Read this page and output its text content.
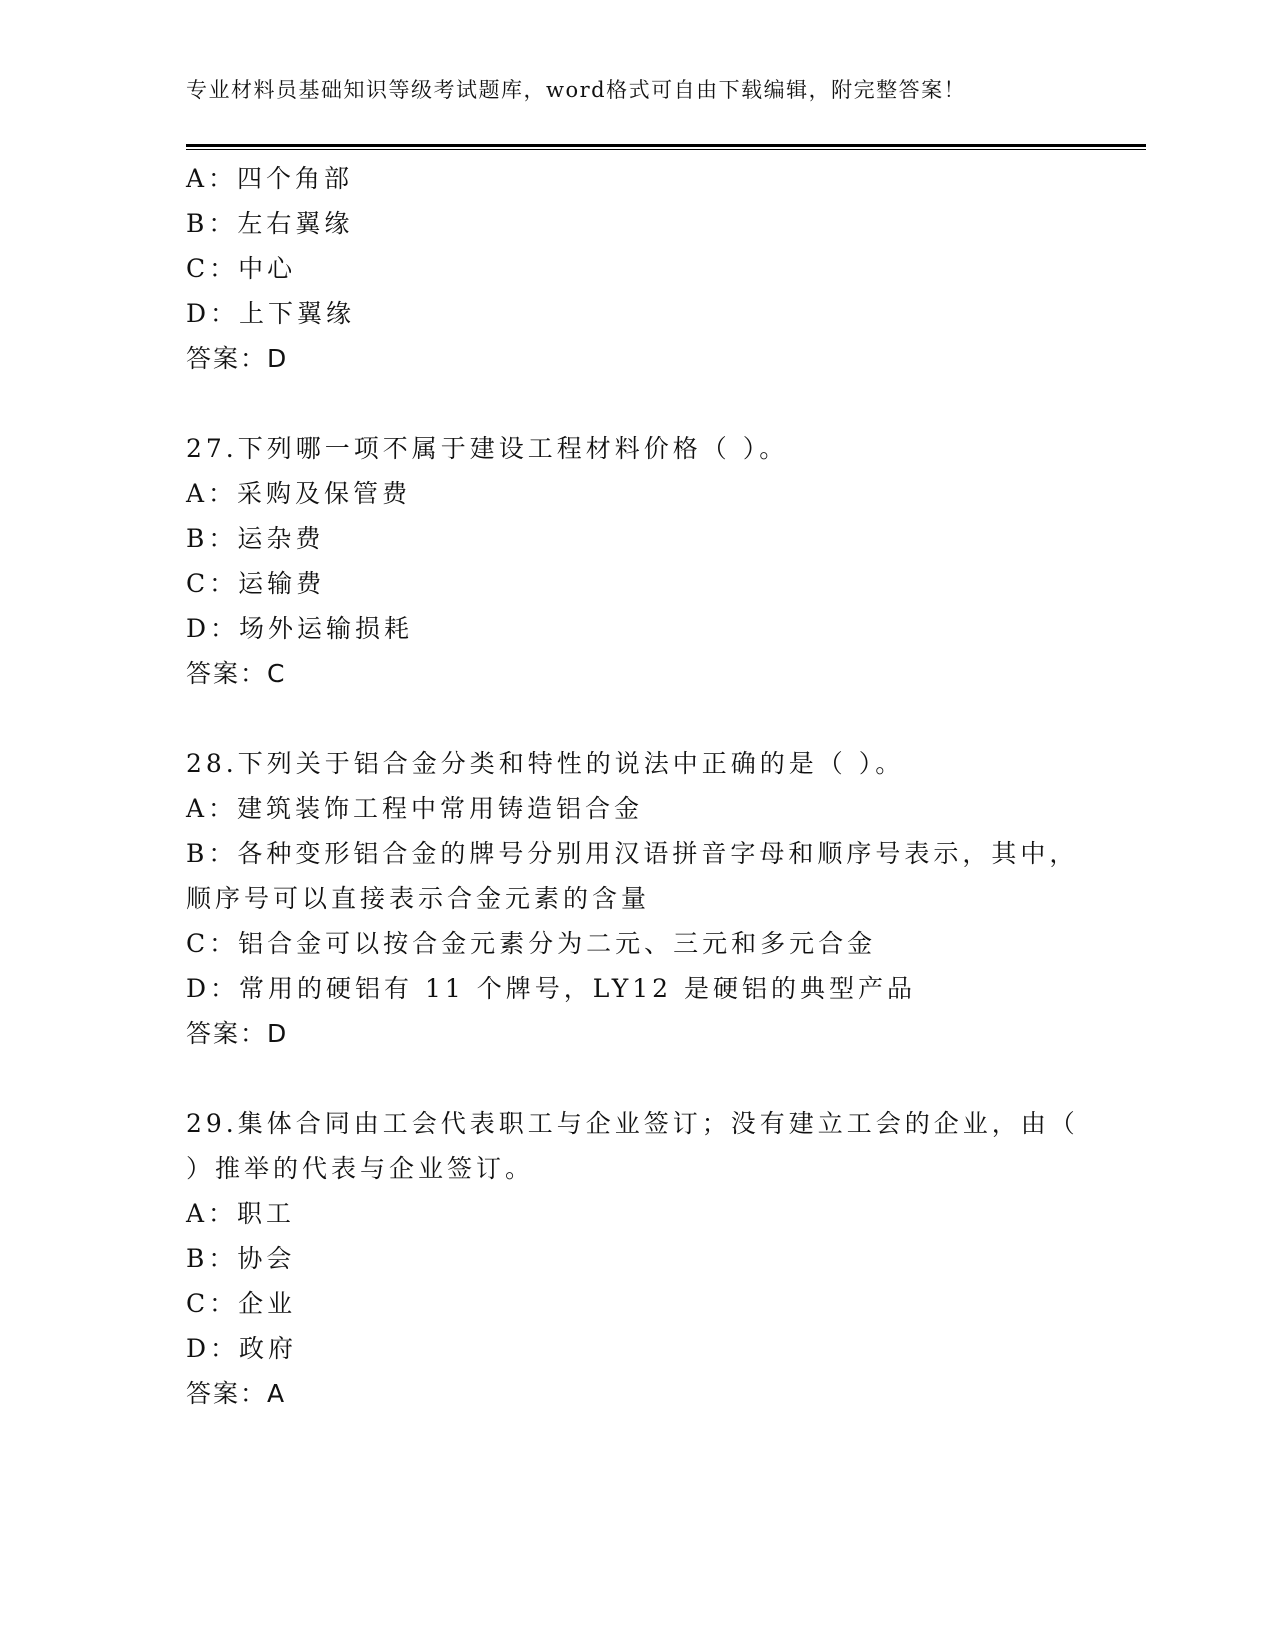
专业材料员基础知识等级考试题库，word格式可自由下载编辑，附完整答案！
A：四个角部
B：左右翼缘
C：中心
D：上下翼缘
答案：D
27.下列哪一项不属于建设工程材料价格（ ）。
A：采购及保管费
B：运杂费
C：运输费
D：场外运输损耗
答案：C
28.下列关于铝合金分类和特性的说法中正确的是（ ）。
A：建筑装饰工程中常用铸造铝合金
B：各种变形铝合金的牌号分别用汉语拼音字母和顺序号表示，其中，
顺序号可以直接表示合金元素的含量
C：铝合金可以按合金元素分为二元、三元和多元合金
D：常用的硬铝有 11 个牌号，LY12 是硬铝的典型产品
答案：D
29.集体合同由工会代表职工与企业签订；没有建立工会的企业，由（
）推举的代表与企业签订。
A：职工
B：协会
C：企业
D：政府
答案：A
